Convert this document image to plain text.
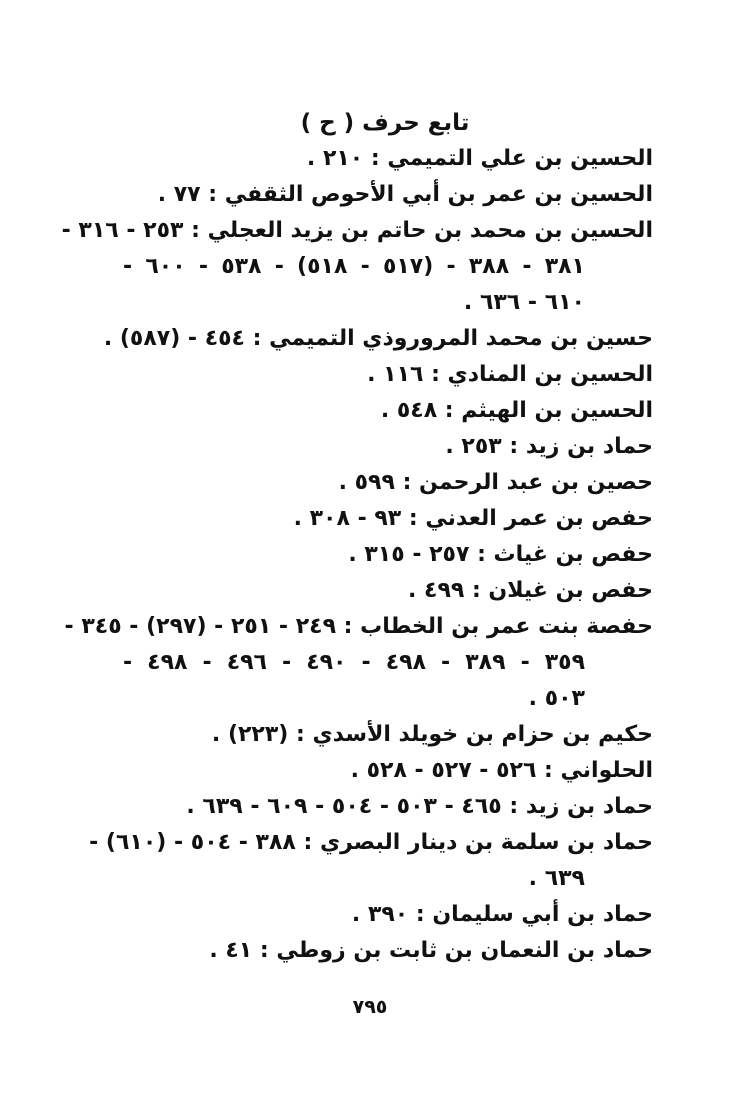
تابع حرف ( ح )
الحسين بن علي التميمي : ٢١٠ .
الحسين بن عمر بن أبي الأحوص الثقفي : ٧٧ .
الحسين بن محمد بن حاتم بن يزيد العجلي : ٢٥٣ - ٣١٦ -
٣٨١ - ٣٨٨ - (٥١٧ - ٥١٨) - ٥٣٨ - ٦٠٠ -
٦١٠ - ٦٣٦ .
حسين بن محمد المروروذي التميمي : ٤٥٤ - (٥٨٧) .
الحسين بن المنادي : ١١٦ .
الحسين بن الهيثم : ٥٤٨ .
حماد بن زيد : ٢٥٣ .
حصين بن عبد الرحمن : ٥٩٩ .
حفص بن عمر العدني : ٩٣ - ٣٠٨ .
حفص بن غياث : ٢٥٧ - ٣١٥ .
حفص بن غيلان : ٤٩٩ .
حفصة بنت عمر بن الخطاب : ٢٤٩ - ٢٥١ - (٢٩٧) - ٣٤٥ -
٣٥٩ - ٣٨٩ - ٤٩٨ - ٤٩٠ - ٤٩٦ - ٤٩٨ -
٥٠٣ .
حكيم بن حزام بن خويلد الأسدي : (٢٢٣) .
الحلواني : ٥٢٦ - ٥٢٧ - ٥٢٨ .
حماد بن زيد : ٤٦٥ - ٥٠٣ - ٥٠٤ - ٦٠٩ - ٦٣٩ .
حماد بن سلمة بن دينار البصري : ٣٨٨ - ٥٠٤ - (٦١٠) -
٦٣٩ .
حماد بن أبي سليمان : ٣٩٠ .
حماد بن النعمان بن ثابت بن زوطي : ٤١ .
٧٩٥
